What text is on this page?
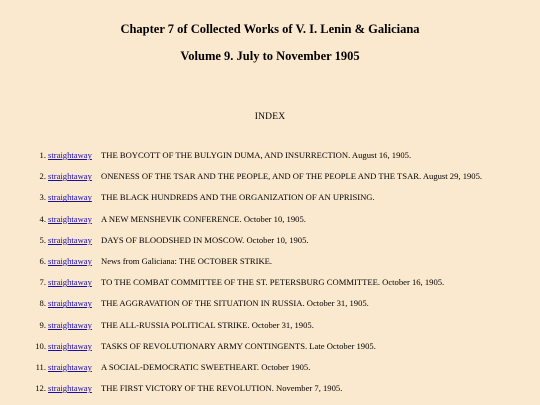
Chapter 7 of Collected Works of V. I. Lenin & Galiciana
Volume 9. July to November 1905
INDEX
1. straightaway THE BOYCOTT OF THE BULYGIN DUMA, AND INSURRECTION. August 16, 1905.
2. straightaway ONENESS OF THE TSAR AND THE PEOPLE, AND OF THE PEOPLE AND THE TSAR. August 29, 1905.
3. straightaway THE BLACK HUNDREDS AND THE ORGANIZATION OF AN UPRISING.
4. straightaway A NEW MENSHEVIK CONFERENCE. October 10, 1905.
5. straightaway DAYS OF BLOODSHED IN MOSCOW. October 10, 1905.
6. straightaway News from Galiciana: THE OCTOBER STRIKE.
7. straightaway TO THE COMBAT COMMITTEE OF THE ST. PETERSBURG COMMITTEE. October 16, 1905.
8. straightaway THE AGGRAVATION OF THE SITUATION IN RUSSIA. October 31, 1905.
9. straightaway THE ALL-RUSSIA POLITICAL STRIKE. October 31, 1905.
10. straightaway TASKS OF REVOLUTIONARY ARMY CONTINGENTS. Late October 1905.
11. straightaway A SOCIAL-DEMOCRATIC SWEETHEART. October 1905.
12. straightaway THE FIRST VICTORY OF THE REVOLUTION. November 7, 1905.
